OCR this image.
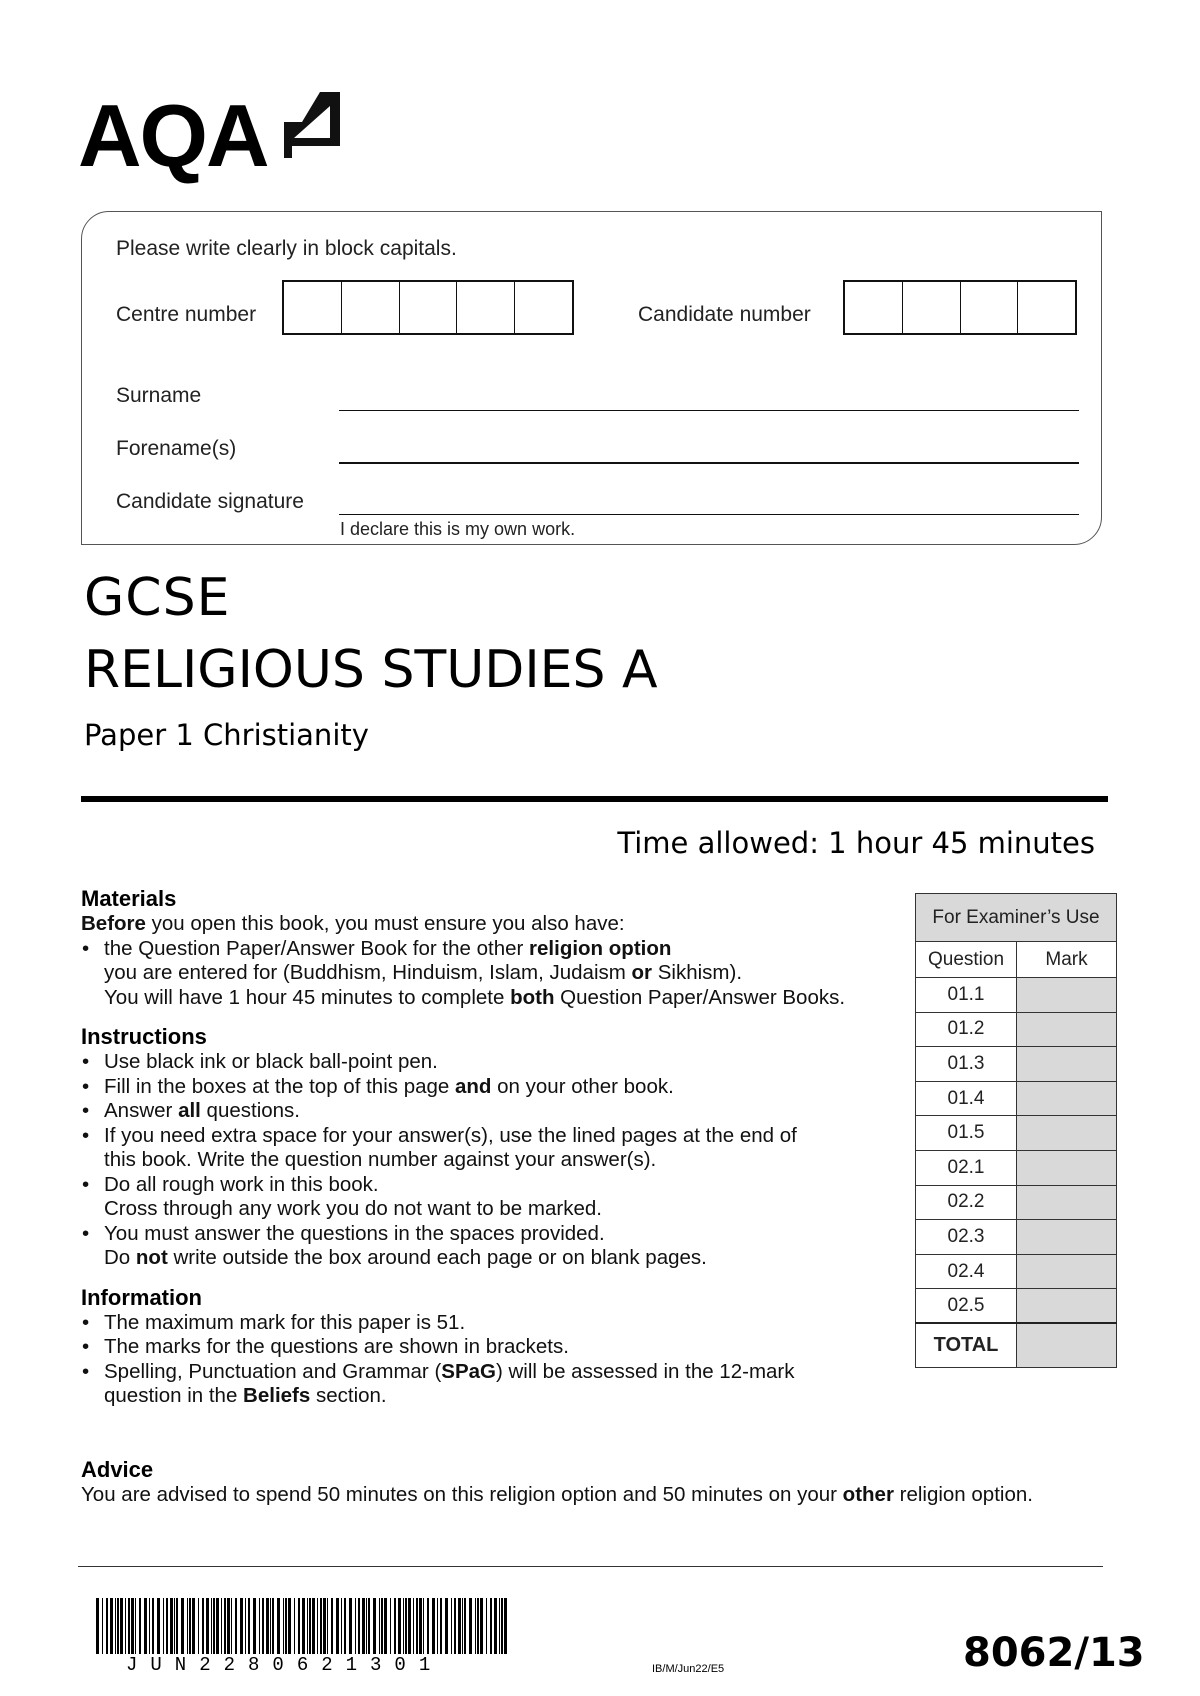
AQA
Please write clearly in block capitals.
Centre number	Candidate number
Surname
Forename(s)
Candidate signature
I declare this is my own work.
GCSE
RELIGIOUS STUDIES A
Paper 1 Christianity
Time allowed: 1 hour 45 minutes
Materials
Before you open this book, you must ensure you also have:
• the Question Paper/Answer Book for the other religion option
you are entered for (Buddhism, Hinduism, Islam, Judaism or Sikhism).
You will have 1 hour 45 minutes to complete both Question Paper/Answer Books.
Instructions
• Use black ink or black ball-point pen.
• Fill in the boxes at the top of this page and on your other book.
• Answer all questions.
• If you need extra space for your answer(s), use the lined pages at the end of
this book. Write the question number against your answer(s).
• Do all rough work in this book.
Cross through any work you do not want to be marked.
• You must answer the questions in the spaces provided.
Do not write outside the box around each page or on blank pages.
Information
• The maximum mark for this paper is 51.
• The marks for the questions are shown in brackets.
• Spelling, Punctuation and Grammar (SPaG) will be assessed in the 12-mark
question in the Beliefs section.
Advice
You are advised to spend 50 minutes on this religion option and 50 minutes on your other religion option.
For Examiner’s Use	
Question	Mark
01.1	
01.2	
01.3	
01.4	
01.5	
02.1	
02.2	
02.3	
02.4	
02.5	
TOTAL	
JUN2280621301	IB/M/Jun22/E5	8062/13
